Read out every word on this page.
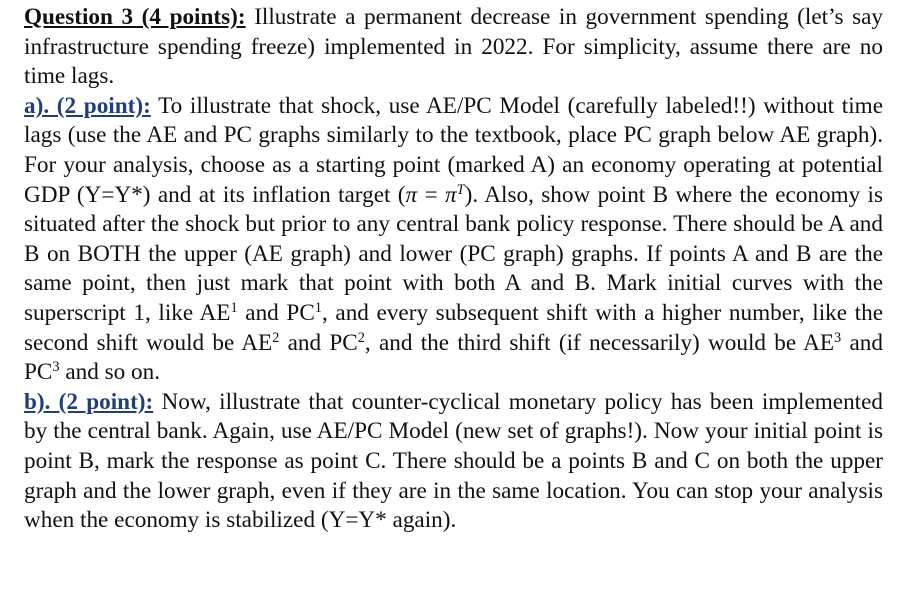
Question 3 (4 points): Illustrate a permanent decrease in government spending (let’s say infrastructure spending freeze) implemented in 2022. For simplicity, assume there are no time lags.

a). (2 point): To illustrate that shock, use AE/PC Model (carefully labeled!!) without time lags (use the AE and PC graphs similarly to the textbook, place PC graph below AE graph). For your analysis, choose as a starting point (marked A) an economy operating at potential GDP (Y=Y*) and at its inflation target $(\pi = \pi^T)$. Also, show point B where the economy is situated after the shock but prior to any central bank policy response. There should be A and B on BOTH the upper (AE graph) and lower (PC graph) graphs. If points A and B are the same point, then just mark that point with both A and B. Mark initial curves with the superscript 1, like $AE^1$ and $PC^1$, and every subsequent shift with a higher number, like the second shift would be $AE^2$ and $PC^2$, and the third shift (if necessarily) would be $AE^3$ and $PC^3$ and so on.

b). (2 point): Now, illustrate that counter-cyclical monetary policy has been implemented by the central bank. Again, use AE/PC Model (new set of graphs!). Now your initial point is point B, mark the response as point C. There should be a points B and C on both the upper graph and the lower graph, even if they are in the same location. You can stop your analysis when the economy is stabilized (Y=Y* again).
